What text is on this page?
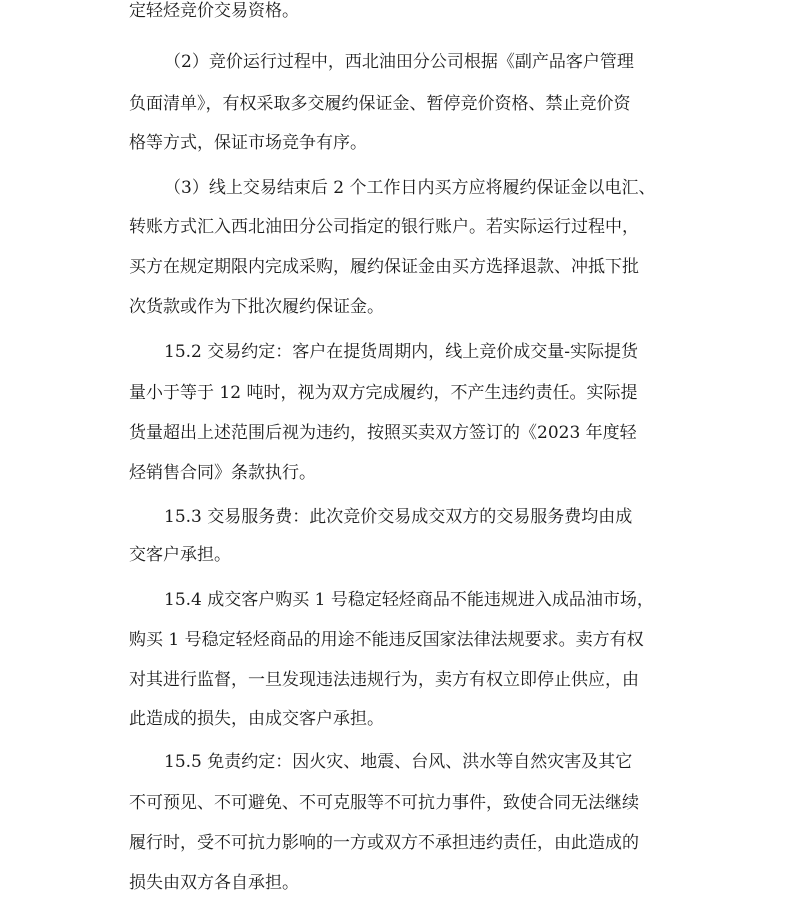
定轻烃竞价交易资格。
（2）竞价运行过程中，西北油田分公司根据《副产品客户管理
负面清单》，有权采取多交履约保证金、暂停竞价资格、禁止竞价资
格等方式，保证市场竞争有序。
（3）线上交易结束后 2 个工作日内买方应将履约保证金以电汇、
转账方式汇入西北油田分公司指定的银行账户。若实际运行过程中，
买方在规定期限内完成采购，履约保证金由买方选择退款、冲抵下批
次货款或作为下批次履约保证金。
15.2 交易约定：客户在提货周期内，线上竞价成交量-实际提货
量小于等于 12 吨时，视为双方完成履约，不产生违约责任。实际提
货量超出上述范围后视为违约，按照买卖双方签订的《2023 年度轻
烃销售合同》条款执行。
15.3 交易服务费：此次竞价交易成交双方的交易服务费均由成
交客户承担。
15.4 成交客户购买 1 号稳定轻烃商品不能违规进入成品油市场，
购买 1 号稳定轻烃商品的用途不能违反国家法律法规要求。卖方有权
对其进行监督，一旦发现违法违规行为，卖方有权立即停止供应，由
此造成的损失，由成交客户承担。
15.5 免责约定：因火灾、地震、台风、洪水等自然灾害及其它
不可预见、不可避免、不可克服等不可抗力事件，致使合同无法继续
履行时，受不可抗力影响的一方或双方不承担违约责任，由此造成的
损失由双方各自承担。
